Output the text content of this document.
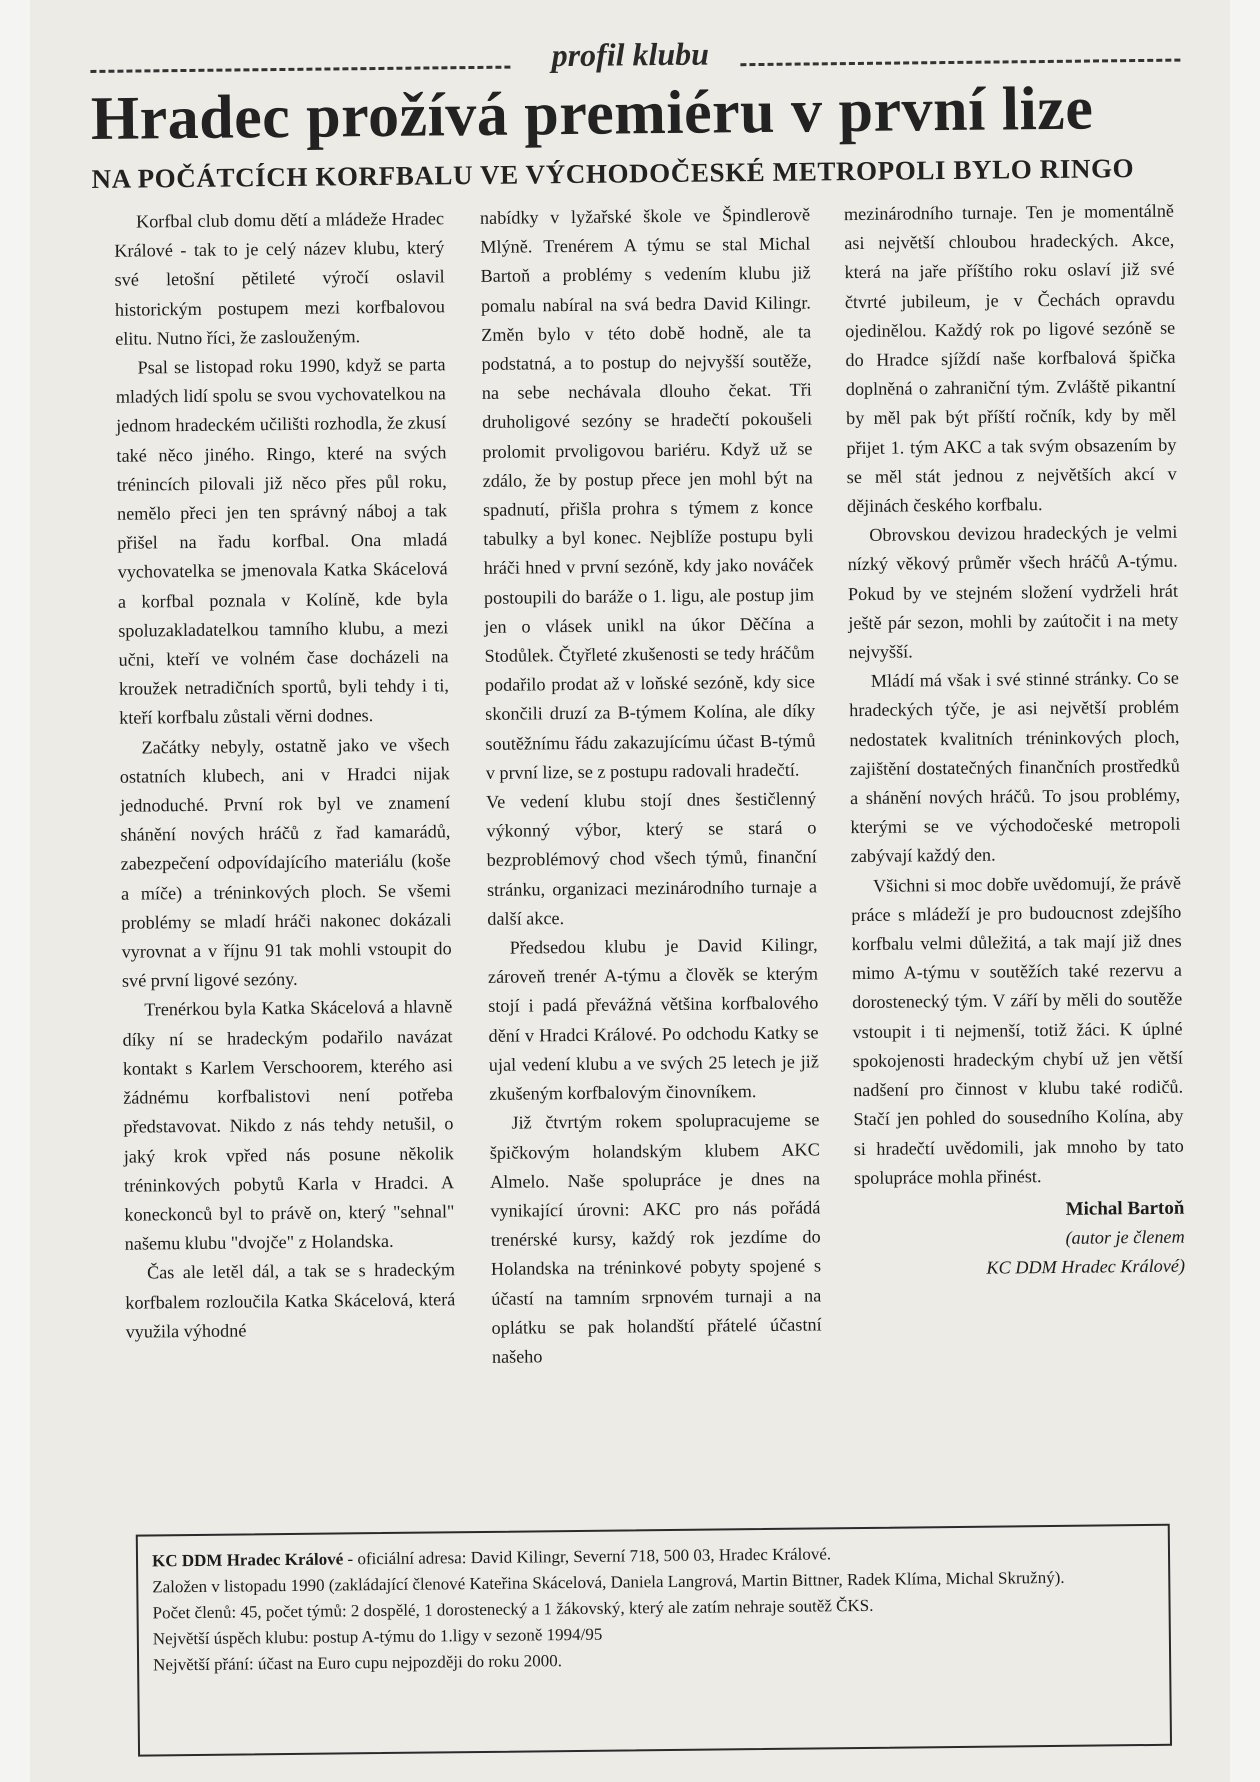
profil klubu
Hradec prožívá premiéru v první lize
NA POČÁTCÍCH KORFBALU VE VÝCHODOČESKÉ METROPOLI BYLO RINGO

Korfbal club domu dětí a mládeže Hradec Králové - tak to je celý název klubu, který své letošní pětileté výročí oslavil historickým postupem mezi korfbalovou elitu. Nutno říci, že zaslouženým.

Psal se listopad roku 1990, když se parta mladých lidí spolu se svou vychovatelkou na jednom hradeckém učilišti rozhodla, že zkusí také něco jiného. Ringo, které na svých trénincích pilovali již něco přes půl roku, nemělo přeci jen ten správný náboj a tak přišel na řadu korfbal. Ona mladá vychovatelka se jmenovala Katka Skácelová a korfbal poznala v Kolíně, kde byla spoluzakladatelkou tamního klubu, a mezi učni, kteří ve volném čase docházeli na kroužek netradičních sportů, byli tehdy i ti, kteří korfbalu zůstali věrni dodnes.

Začátky nebyly, ostatně jako ve všech ostatních klubech, ani v Hradci nijak jednoduché. První rok byl ve znamení shánění nových hráčů z řad kamarádů, zabezpečení odpovídajícího materiálu (koše a míče) a tréninkových ploch. Se všemi problémy se mladí hráči nakonec dokázali vyrovnat a v říjnu 91 tak mohli vstoupit do své první ligové sezóny.

Trenérkou byla Katka Skácelová a hlavně díky ní se hradeckým podařilo navázat kontakt s Karlem Verschoorem, kterého asi žádnému korfbalistovi není potřeba představovat. Nikdo z nás tehdy netušil, o jaký krok vpřed nás posune několik tréninkových pobytů Karla v Hradci. A koneckonců byl to právě on, který "sehnal" našemu klubu "dvojče" z Holandska.

Čas ale letěl dál, a tak se s hradeckým korfbalem rozloučila Katka Skácelová, která využila výhodné

nabídky v lyžařské škole ve Špindlerově Mlýně. Trenérem A týmu se stal Michal Bartoň a problémy s vedením klubu již pomalu nabíral na svá bedra David Kilingr. Změn bylo v této době hodně, ale ta podstatná, a to postup do nejvyšší soutěže, na sebe nechávala dlouho čekat. Tři druholigové sezóny se hradečtí pokoušeli prolomit prvoligovou bariéru. Když už se zdálo, že by postup přece jen mohl být na spadnutí, přišla prohra s týmem z konce tabulky a byl konec. Nejblíže postupu byli hráči hned v první sezóně, kdy jako nováček postoupili do baráže o 1. ligu, ale postup jim jen o vlásek unikl na úkor Děčína a Stodůlek. Čtyřleté zkušenosti se tedy hráčům podařilo prodat až v loňské sezóně, kdy sice skončili druzí za B-týmem Kolína, ale díky soutěžnímu řádu zakazujícímu účast B-týmů v první lize, se z postupu radovali hradečtí.

Ve vedení klubu stojí dnes šestičlenný výkonný výbor, který se stará o bezproblémový chod všech týmů, finanční stránku, organizaci mezinárodního turnaje a další akce.

Předsedou klubu je David Kilingr, zároveň trenér A-týmu a člověk se kterým stojí i padá převážná většina korfbalového dění v Hradci Králové. Po odchodu Katky se ujal vedení klubu a ve svých 25 letech je již zkušeným korfbalovým činovníkem.

Již čtvrtým rokem spolupracujeme se špičkovým holandským klubem AKC Almelo. Naše spolupráce je dnes na vynikající úrovni: AKC pro nás pořádá trenérské kursy, každý rok jezdíme do Holandska na tréninkové pobyty spojené s účastí na tamním srpnovém turnaji a na oplátku se pak holandští přátelé účastní našeho

mezinárodního turnaje. Ten je momentálně asi největší chloubou hradeckých. Akce, která na jaře příštího roku oslaví již své čtvrté jubileum, je v Čechách opravdu ojedinělou. Každý rok po ligové sezóně se do Hradce sjíždí naše korfbalová špička doplněná o zahraniční tým. Zvláště pikantní by měl pak být příští ročník, kdy by měl přijet 1. tým AKC a tak svým obsazením by se měl stát jednou z největších akcí v dějinách českého korfbalu.

Obrovskou devizou hradeckých je velmi nízký věkový průměr všech hráčů A-týmu. Pokud by ve stejném složení vydrželi hrát ještě pár sezon, mohli by zaútočit i na mety nejvyšší.

Mládí má však i své stinné stránky. Co se hradeckých týče, je asi největší problém nedostatek kvalitních tréninkových ploch, zajištění dostatečných finančních prostředků a shánění nových hráčů. To jsou problémy, kterými se ve východočeské metropoli zabývají každý den.

Všichni si moc dobře uvědomují, že právě práce s mládeží je pro budoucnost zdejšího korfbalu velmi důležitá, a tak mají již dnes mimo A-týmu v soutěžích také rezervu a dorostenecký tým. V září by měli do soutěže vstoupit i ti nejmenší, totiž žáci. K úplné spokojenosti hradeckým chybí už jen větší nadšení pro činnost v klubu také rodičů. Stačí jen pohled do sousedního Kolína, aby si hradečtí uvědomili, jak mnoho by tato spolupráce mohla přinést.

Michal Bartoň
(autor je členem
KC DDM Hradec Králové)

KC DDM Hradec Králové - oficiální adresa: David Kilingr, Severní 718, 500 03, Hradec Králové.

Založen v listopadu 1990 (zakládající členové Kateřina Skácelová, Daniela Langrová, Martin Bittner, Radek Klíma, Michal Skružný).

Počet členů: 45, počet týmů: 2 dospělé, 1 dorostenecký a 1 žákovský, který ale zatím nehraje soutěž ČKS.

Největší úspěch klubu: postup A-týmu do 1.ligy v sezoně 1994/95

Největší přání: účast na Euro cupu nejpozději do roku 2000.
